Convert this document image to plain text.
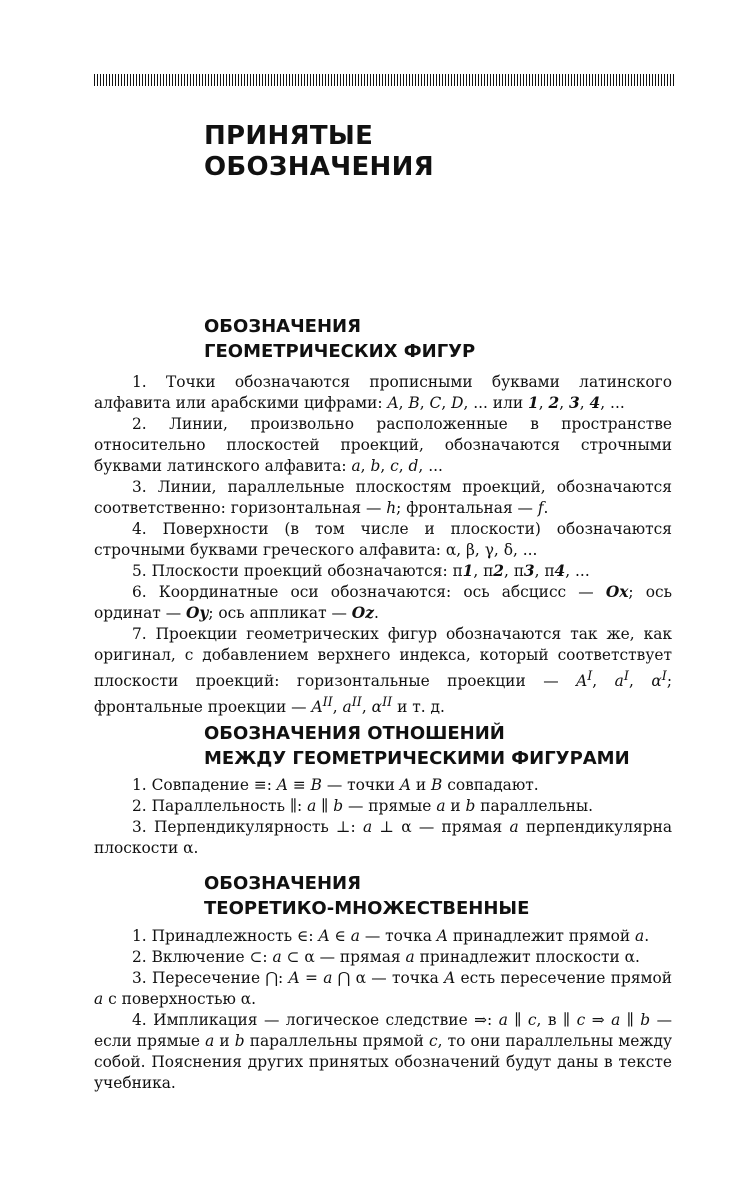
ПРИНЯТЫЕ
ОБОЗНАЧЕНИЯ
ОБОЗНАЧЕНИЯ
ГЕОМЕТРИЧЕСКИХ ФИГУР

1. Точки обозначаются прописными буквами латинского алфавита или арабскими цифрами: A, B, C, D, ... или 1, 2, 3, 4, ...

2. Линии, произвольно расположенные в пространстве относительно плоскостей проекций, обозначаются строчными буквами латинского алфавита: a, b, c, d, ...

3. Линии, параллельные плоскостям проекций, обозначаются соответственно: горизонтальная — h; фронтальная — f.

4. Поверхности (в том числе и плоскости) обозначаются строчными буквами греческого алфавита: α, β, γ, δ, ...

5. Плоскости проекций обозначаются: π1, π2, π3, π4, ...

6. Координатные оси обозначаются: ось абсцисс — Ox; ось ординат — Oy; ось аппликат — Oz.

7. Проекции геометрических фигур обозначаются так же, как оригинал, с добавлением верхнего индекса, который соответствует плоскости проекций: горизонтальные проекции — $A^I$, $a^I$, $\alpha^I$; фронтальные проекции — $A^{II}$, $a^{II}$, $\alpha^{II}$ и т. д.

ОБОЗНАЧЕНИЯ ОТНОШЕНИЙ
МЕЖДУ ГЕОМЕТРИЧЕСКИМИ ФИГУРАМИ

1. Совпадение ≡: A ≡ B — точки A и B совпадают.

2. Параллельность ∥: a ∥ b — прямые a и b параллельны.

3. Перпендикулярность ⊥: a ⊥ α — прямая a перпендикулярна плоскости α.

ОБОЗНАЧЕНИЯ
ТЕОРЕТИКО-МНОЖЕСТВЕННЫЕ

1. Принадлежность ∈: A ∈ a — точка A принадлежит прямой a.

2. Включение ⊂: a ⊂ α — прямая a принадлежит плоскости α.

3. Пересечение ⋂: A = a ⋂ α — точка A есть пересечение прямой a с поверхностью α.

4. Импликация — логическое следствие ⇒: a ∥ c, в ∥ c ⇒ a ∥ b — если прямые a и b параллельны прямой c, то они параллельны между собой. Пояснения других принятых обозначений будут даны в тексте учебника.
